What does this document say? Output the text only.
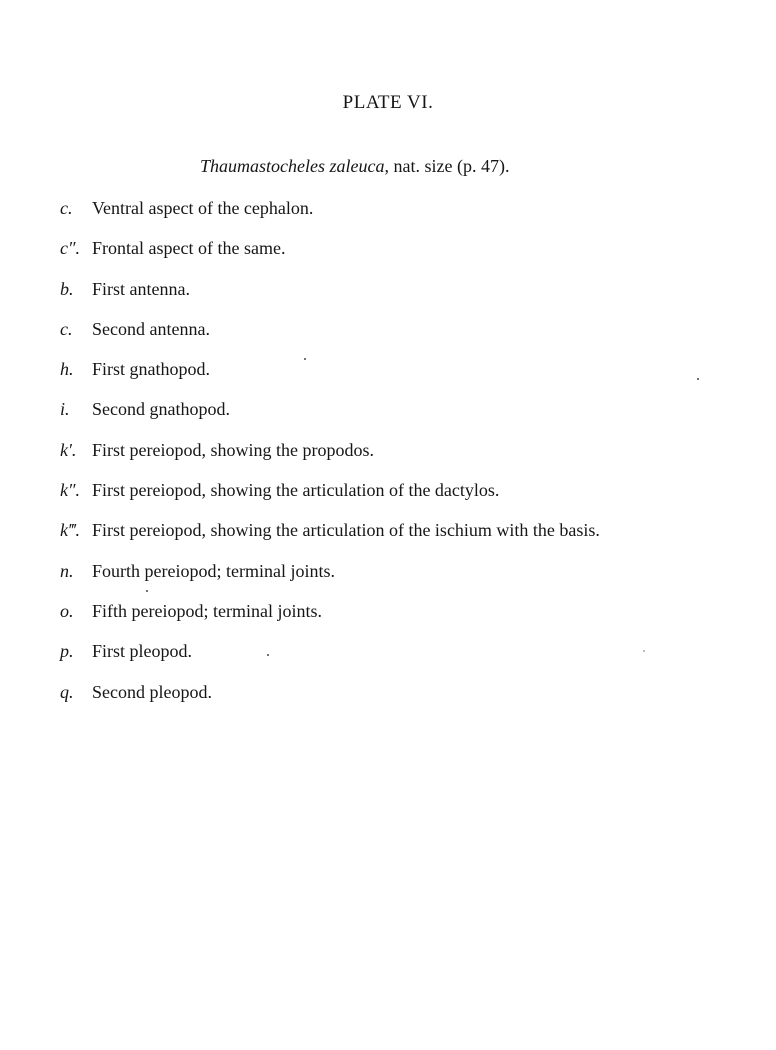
PLATE VI.
Thaumastocheles zaleuca, nat. size (p. 47).
c.	Ventral aspect of the cephalon.
c″. Frontal aspect of the same.
b.	First antenna.
c.	Second antenna.
h.	First gnathopod.
i.	Second gnathopod.
k′. First pereiopod, showing the propodos.
k″. First pereiopod, showing the articulation of the dactylos.
k‴. First pereiopod, showing the articulation of the ischium with the basis.
n.	Fourth pereiopod; terminal joints.
o.	Fifth pereiopod; terminal joints.
p.	First pleopod.
q.	Second pleopod.
